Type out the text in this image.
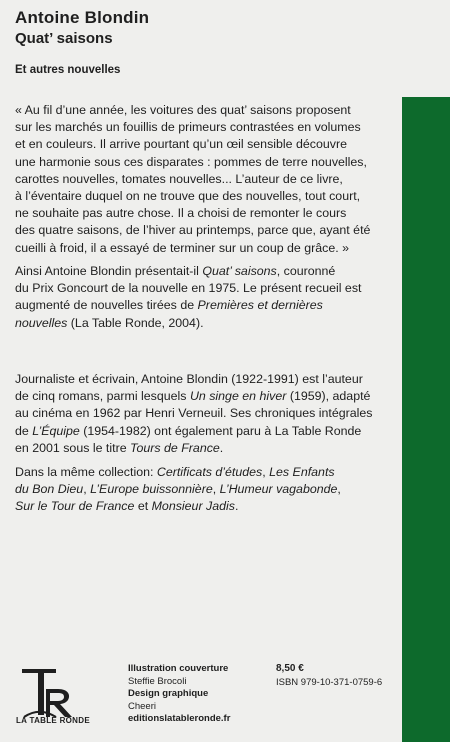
Antoine Blondin
Quat’ saisons
Et autres nouvelles
« Au fil d’une année, les voitures des quat’ saisons proposent
sur les marchés un fouillis de primeurs contrastées en volumes
et en couleurs. Il arrive pourtant qu’un œil sensible découvre
une harmonie sous ces disparates : pommes de terre nouvelles,
carottes nouvelles, tomates nouvelles... L’auteur de ce livre,
à l’éventaire duquel on ne trouve que des nouvelles, tout court,
ne souhaite pas autre chose. Il a choisi de remonter le cours
des quatre saisons, de l’hiver au printemps, parce que, ayant été
cueilli à froid, il a essayé de terminer sur un coup de grâce. »
Ainsi Antoine Blondin présentait-il Quat’ saisons, couronné
du Prix Goncourt de la nouvelle en 1975. Le présent recueil est
augmenté de nouvelles tirées de Premières et dernières
nouvelles (La Table Ronde, 2004).
Journaliste et écrivain, Antoine Blondin (1922-1991) est l’auteur
de cinq romans, parmi lesquels Un singe en hiver (1959), adapté
au cinéma en 1962 par Henri Verneuil. Ses chroniques intégrales
de L’Équipe (1954-1982) ont également paru à La Table Ronde
en 2001 sous le titre Tours de France.
Dans la même collection: Certificats d’études, Les Enfants
du Bon Dieu, L’Europe buissonnière, L’Humeur vagabonde,
Sur le Tour de France et Monsieur Jadis.
LA TABLE RONDE
Illustration couverture
Steffie Brocoli
Design graphique
Cheeri
editionslatableronde.fr
8,50 €
ISBN 979-10-371-0759-6
